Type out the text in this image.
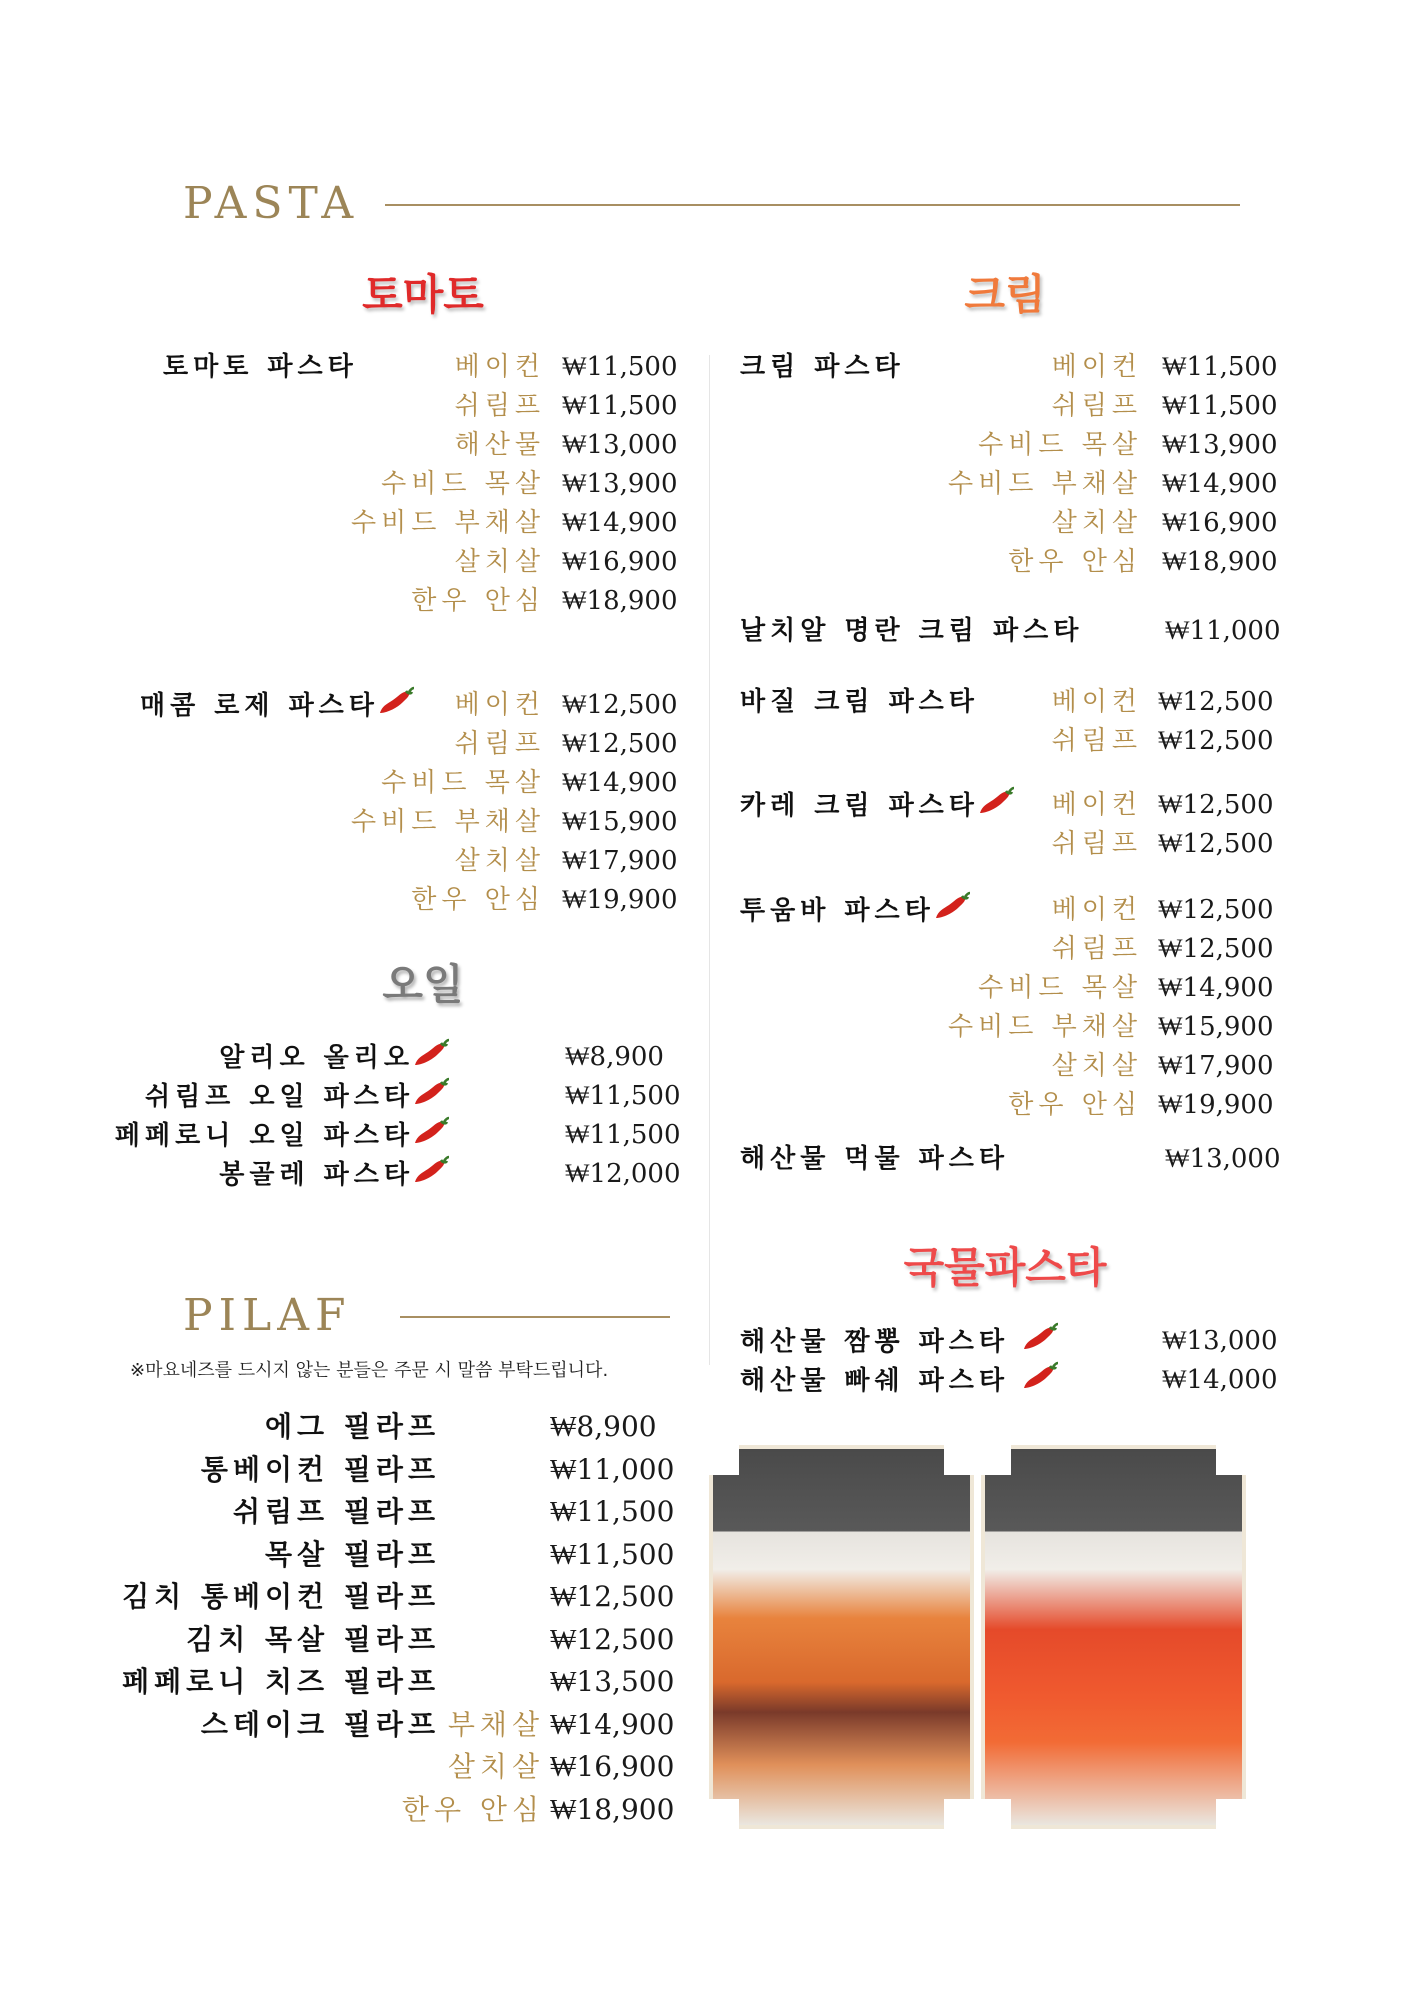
PASTA
토마토	크림
토마토 파스타	베이컨 ₩11,500
쉬림프 ₩11,500
해산물 ₩13,000
수비드 목살 ₩13,900
수비드 부채살 ₩14,900
살치살 ₩16,900
한우 안심 ₩18,900
매콤 로제 파스타	베이컨 ₩12,500
쉬림프 ₩12,500
수비드 목살 ₩14,900
수비드 부채살 ₩15,900
살치살 ₩17,900
한우 안심 ₩19,900
오일
알리오 올리오	₩8,900
쉬림프 오일 파스타	₩11,500
페페로니 오일 파스타	₩11,500
봉골레 파스타	₩12,000
크림 파스타	베이컨 ₩11,500
쉬림프 ₩11,500
수비드 목살 ₩13,900
수비드 부채살 ₩14,900
살치살 ₩16,900
한우 안심 ₩18,900
날치알 명란 크림 파스타	₩11,000
바질 크림 파스타	베이컨 ₩12,500
쉬림프 ₩12,500
카레 크림 파스타	베이컨 ₩12,500
쉬림프 ₩12,500
투움바 파스타	베이컨 ₩12,500
쉬림프 ₩12,500
수비드 목살 ₩14,900
수비드 부채살 ₩15,900
살치살 ₩17,900
한우 안심 ₩19,900
해산물 먹물 파스타	₩13,000
국물파스타
해산물 짬뽕 파스타	₩13,000
해산물 빠쉐 파스타	₩14,000
PILAF
※마요네즈를 드시지 않는 분들은 주문 시 말씀 부탁드립니다.
에그 필라프	₩8,900
통베이컨 필라프	₩11,000
쉬림프 필라프	₩11,500
목살 필라프	₩11,500
김치 통베이컨 필라프	₩12,500
김치 목살 필라프	₩12,500
페페로니 치즈 필라프	₩13,500
스테이크 필라프 부채살 ₩14,900
살치살 ₩16,900
한우 안심 ₩18,900
